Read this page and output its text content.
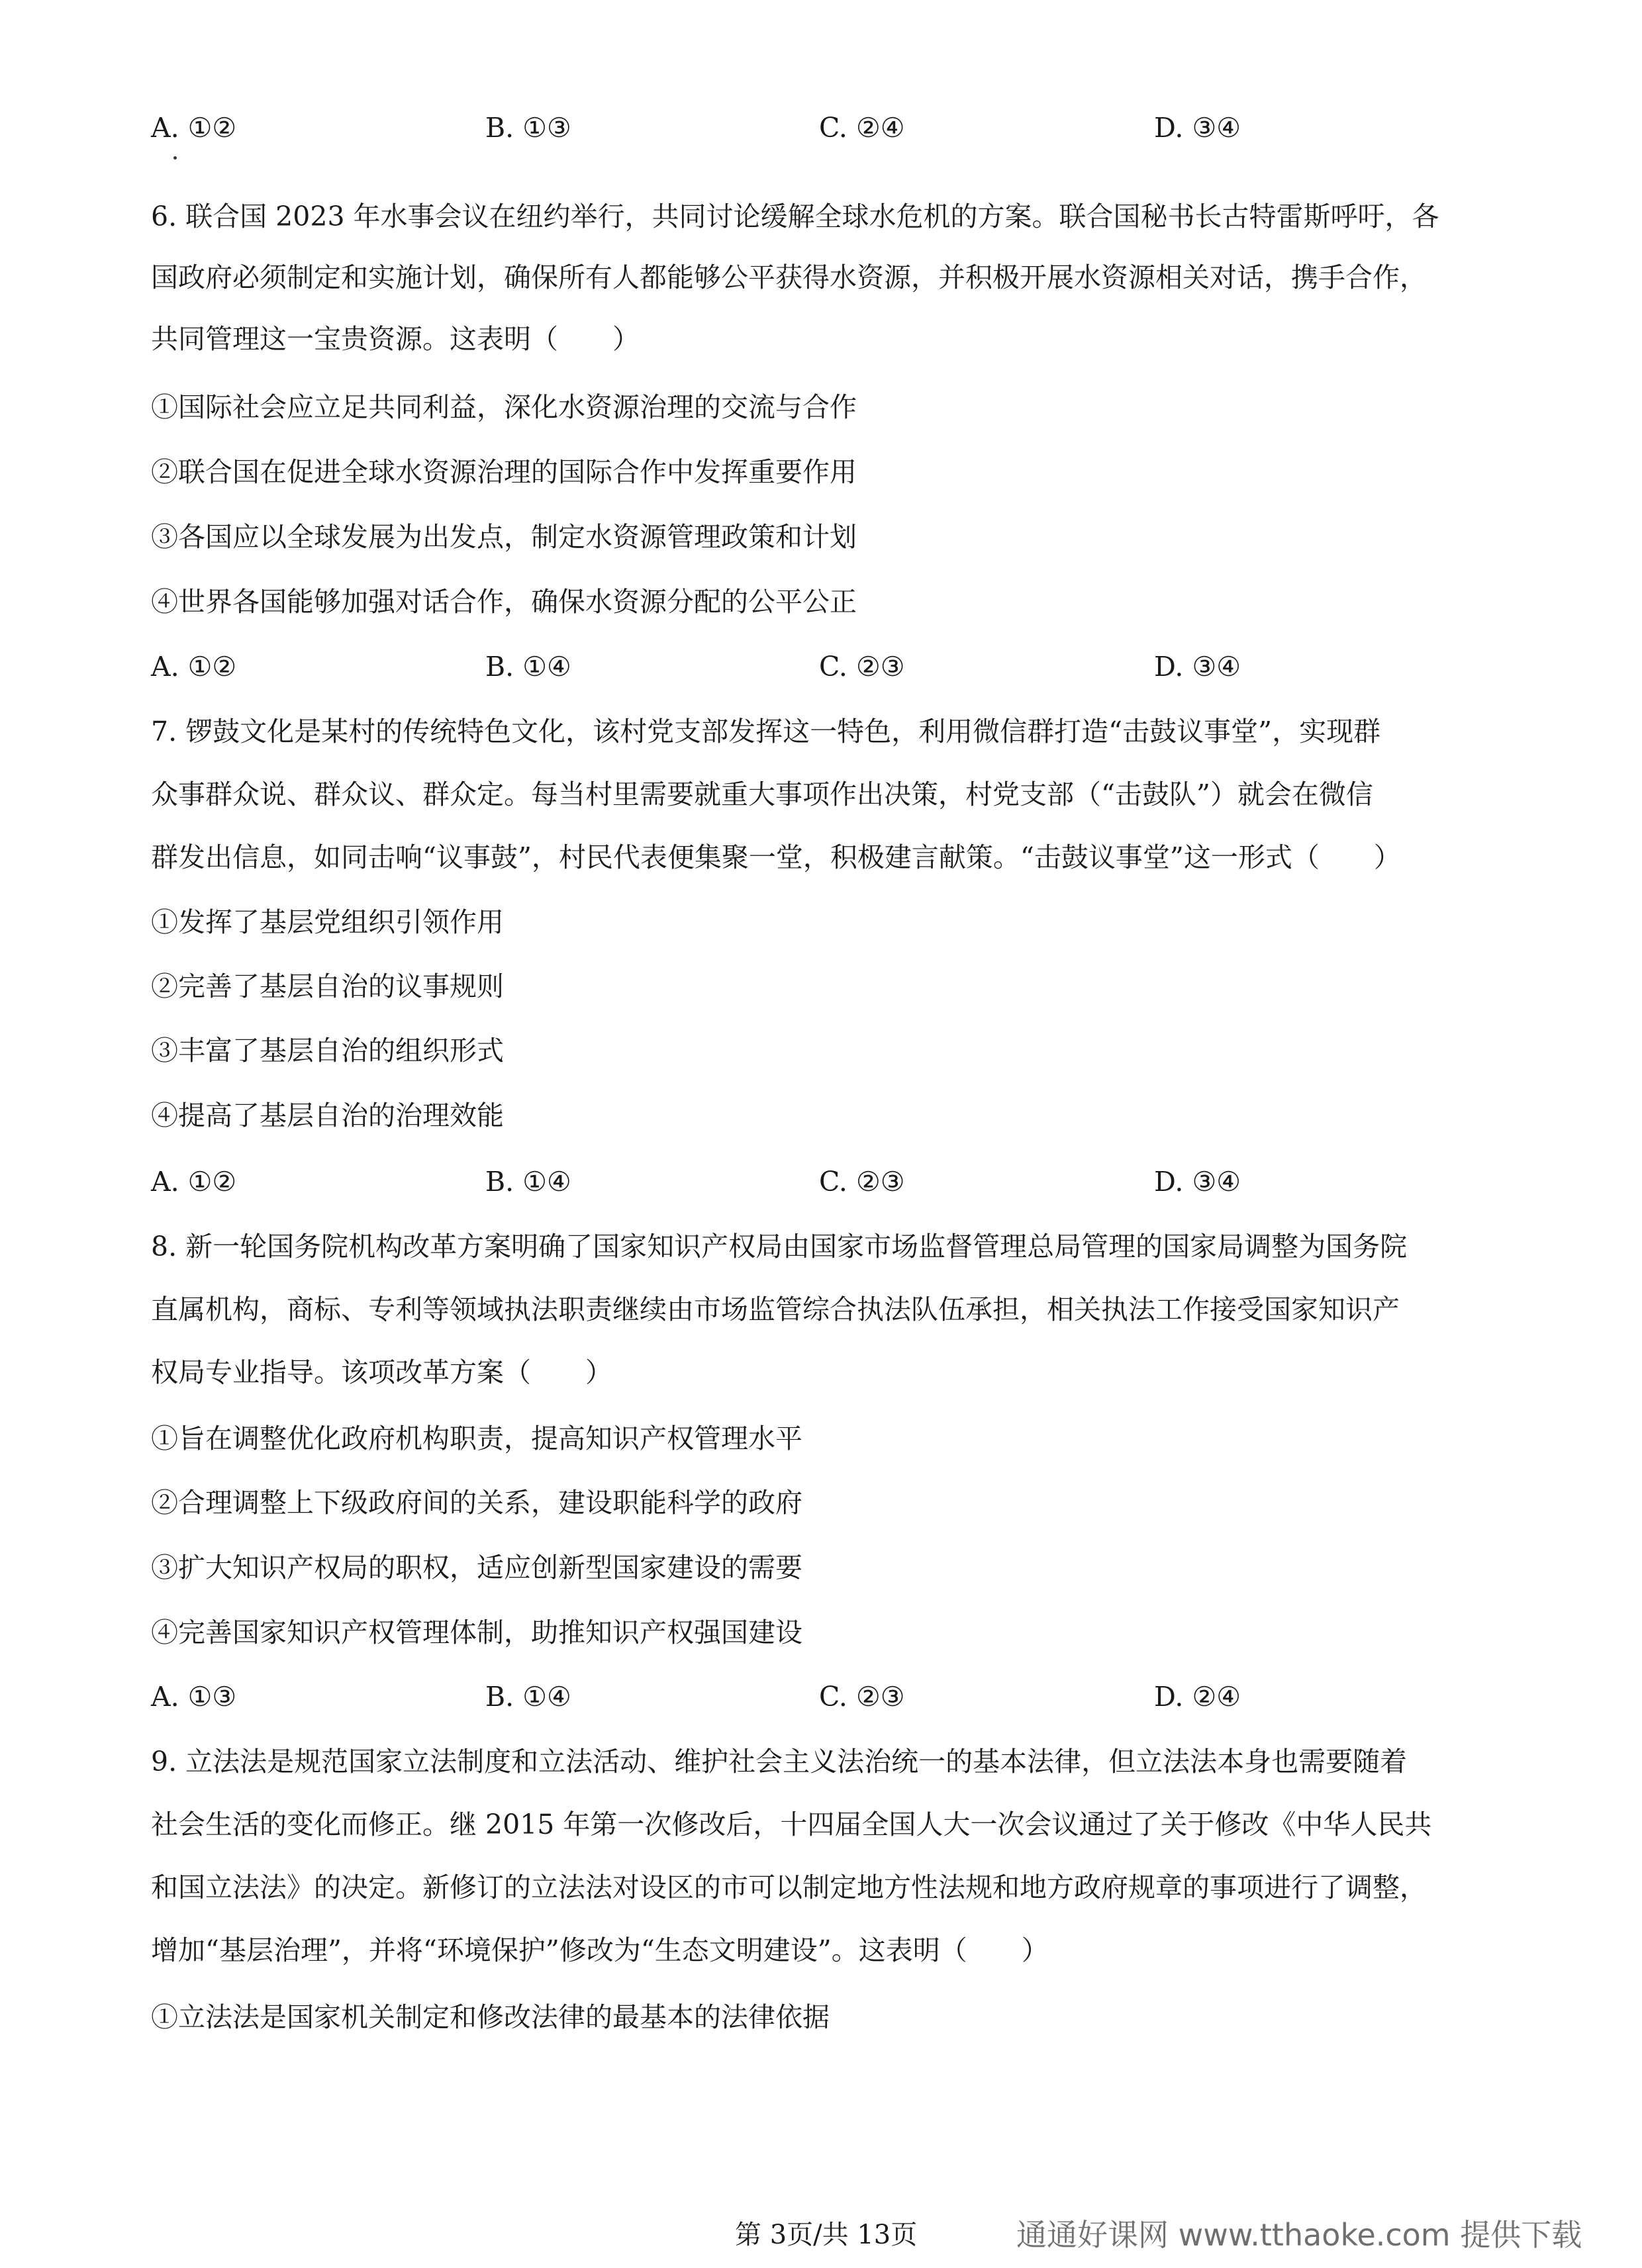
A. ①②	B. ①③	C. ②④	D. ③④
6. 联合国 2023 年水事会议在纽约举行，共同讨论缓解全球水危机的方案。联合国秘书长古特雷斯呼吁，各
国政府必须制定和实施计划，确保所有人都能够公平获得水资源，并积极开展水资源相关对话，携手合作，
共同管理这一宝贵资源。这表明（　　）
①国际社会应立足共同利益，深化水资源治理的交流与合作
②联合国在促进全球水资源治理的国际合作中发挥重要作用
③各国应以全球发展为出发点，制定水资源管理政策和计划
④世界各国能够加强对话合作，确保水资源分配的公平公正
A. ①②	B. ①④	C. ②③	D. ③④
7. 锣鼓文化是某村的传统特色文化，该村党支部发挥这一特色，利用微信群打造“击鼓议事堂”，实现群
众事群众说、群众议、群众定。每当村里需要就重大事项作出决策，村党支部（“击鼓队”）就会在微信
群发出信息，如同击响“议事鼓”，村民代表便集聚一堂，积极建言献策。“击鼓议事堂”这一形式（　　）
①发挥了基层党组织引领作用
②完善了基层自治的议事规则
③丰富了基层自治的组织形式
④提高了基层自治的治理效能
A. ①②	B. ①④	C. ②③	D. ③④
8. 新一轮国务院机构改革方案明确了国家知识产权局由国家市场监督管理总局管理的国家局调整为国务院
直属机构，商标、专利等领域执法职责继续由市场监管综合执法队伍承担，相关执法工作接受国家知识产
权局专业指导。该项改革方案（　　）
①旨在调整优化政府机构职责，提高知识产权管理水平
②合理调整上下级政府间的关系，建设职能科学的政府
③扩大知识产权局的职权，适应创新型国家建设的需要
④完善国家知识产权管理体制，助推知识产权强国建设
A. ①③	B. ①④	C. ②③	D. ②④
9. 立法法是规范国家立法制度和立法活动、维护社会主义法治统一的基本法律，但立法法本身也需要随着
社会生活的变化而修正。继 2015 年第一次修改后，十四届全国人大一次会议通过了关于修改《中华人民共
和国立法法》的决定。新修订的立法法对设区的市可以制定地方性法规和地方政府规章的事项进行了调整，
增加“基层治理”，并将“环境保护”修改为“生态文明建设”。这表明（　　）
①立法法是国家机关制定和修改法律的最基本的法律依据
第 3页/共 13页	通通好课网 www.tthaoke.com 提供下载
